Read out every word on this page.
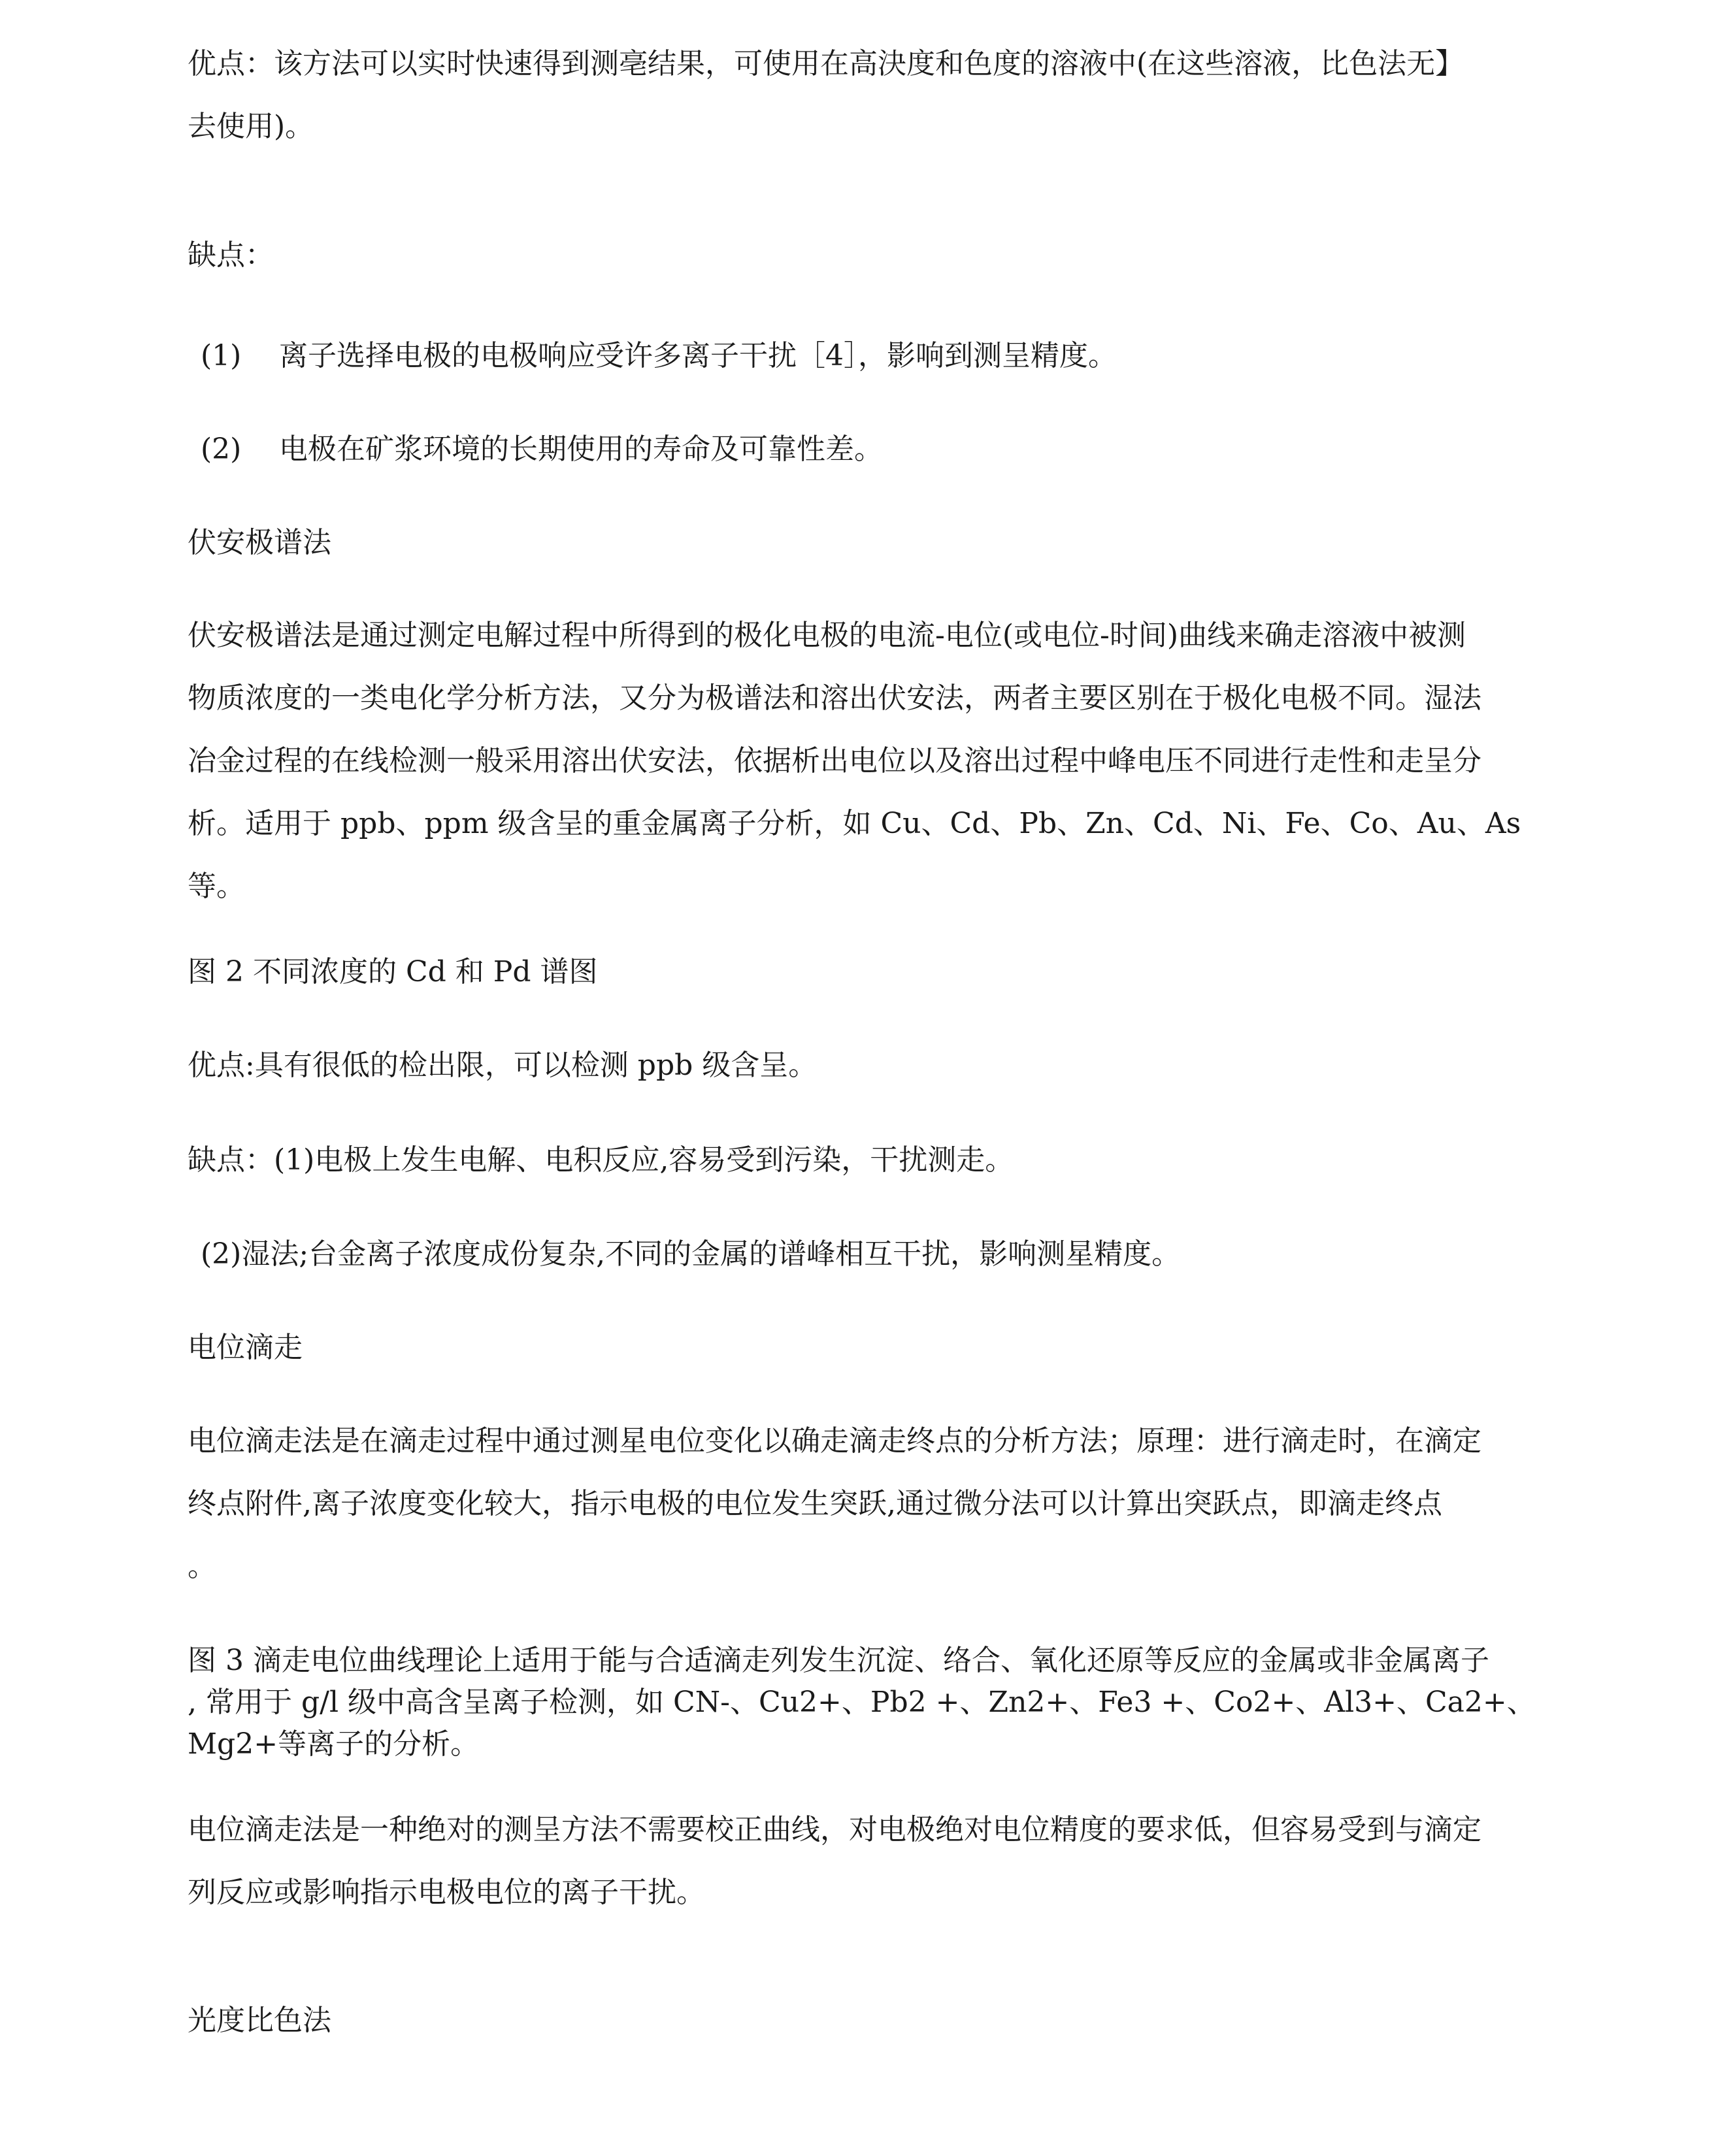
优点：该方法可以实时快速得到测亳结果，可使用在高決度和色度的溶液中(在这些溶液，比色法无】
去使用)。
缺点：
(1) 离子选择电极的电极响应受许多离子干扰［4］，影响到测呈精度。
(2) 电极在矿浆环境的长期使用的寿命及可靠性差。
伏安极谱法
伏安极谱法是通过测定电解过程中所得到的极化电极的电流-电位(或电位-时间)曲线来确走溶液中被测
物质浓度的一类电化学分析方法，又分为极谱法和溶出伏安法，两者主要区别在于极化电极不同。湿法
冶金过程的在线检测一般采用溶出伏安法，依据析出电位以及溶出过程中峰电压不同进行走性和走呈分
析。适用于 ppb、ppm 级含呈的重金属离子分析，如 Cu、Cd、Pb、Zn、Cd、Ni、Fe、Co、Au、As
等。
图 2 不同浓度的 Cd 和 Pd 谱图
优点:具有很低的检出限，可以检测 ppb 级含呈。
缺点：(1)电极上发生电解、电积反应,容易受到污染，干扰测走。
(2)湿法;台金离子浓度成份复杂,不同的金属的谱峰相互干扰，影响测星精度。
电位滴走
电位滴走法是在滴走过程中通过测星电位变化以确走滴走终点的分析方法；原理：进行滴走时，在滴定
终点附件,离子浓度变化较大，指示电极的电位发生突跃,通过微分法可以计算出突跃点，即滴走终点
。
图 3 滴走电位曲线理论上适用于能与合适滴走列发生沉淀、络合、氧化还原等反应的金属或非金属离子
, 常用于 g/l 级中高含呈离子检测，如 CN-、Cu2+、Pb2 +、Zn2+、Fe3 +、Co2+、Al3+、Ca2+、
Mg2+等离子的分析。
电位滴走法是一种绝对的测呈方法不需要校正曲线，对电极绝对电位精度的要求低，但容易受到与滴定
列反应或影响指示电极电位的离子干扰。
光度比色法
